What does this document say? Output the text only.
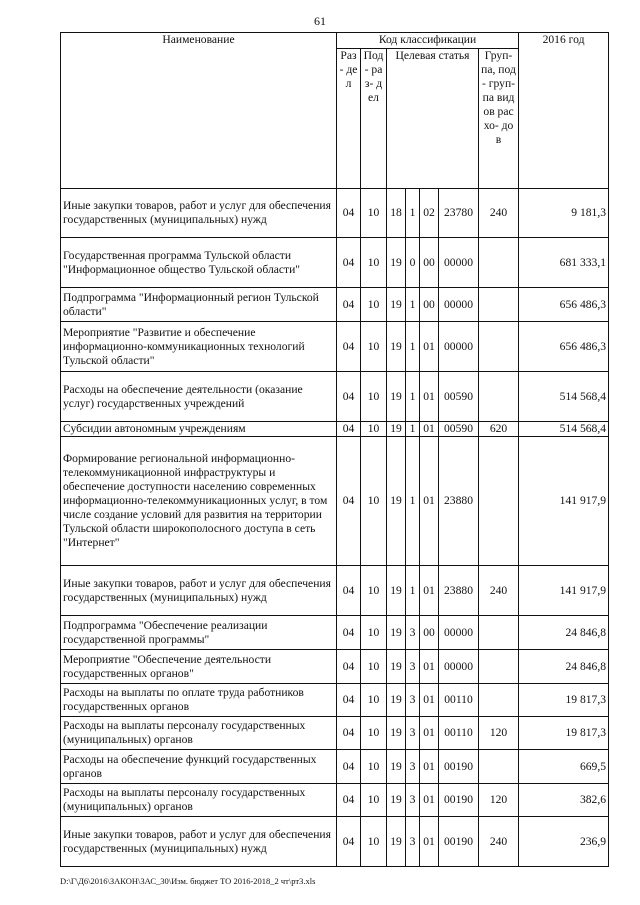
61
Наименование	Код классификации							2016 год
	Раз- дел	Под- раз- дел	Целевая статья				Груп- па, под- груп- па видов расхо- дов	
Иные закупки товаров, работ и услуг для обеспечения государственных (муниципальных) нужд	04	10	18	1	02	23780	240	9 181,3
Государственная программа Тульской области "Информационное общество Тульской области"	04	10	19	0	00	00000		681 333,1
Подпрограмма "Информационный регион Тульской области"	04	10	19	1	00	00000		656 486,3
Мероприятие "Развитие и обеспечение информационно-коммуникационных технологий Тульской области"	04	10	19	1	01	00000		656 486,3
Расходы на обеспечение деятельности (оказание услуг) государственных учреждений	04	10	19	1	01	00590		514 568,4
Субсидии автономным учреждениям	04	10	19	1	01	00590	620	514 568,4
Формирование региональной информационно-телекоммуникационной инфраструктуры и обеспечение доступности населению современных информационно-телекоммуникационных услуг, в том числе создание условий для развития на территории Тульской области широкополосного доступа в сеть "Интернет"	04	10	19	1	01	23880		141 917,9
Иные закупки товаров, работ и услуг для обеспечения государственных (муниципальных) нужд	04	10	19	1	01	23880	240	141 917,9
Подпрограмма "Обеспечение реализации государственной программы"	04	10	19	3	00	00000		24 846,8
Мероприятие "Обеспечение деятельности государственных органов"	04	10	19	3	01	00000		24 846,8
Расходы на выплаты по оплате труда работников государственных органов	04	10	19	3	01	00110		19 817,3
Расходы на выплаты персоналу государственных (муниципальных) органов	04	10	19	3	01	00110	120	19 817,3
Расходы на обеспечение функций государственных органов	04	10	19	3	01	00190		669,5
Расходы на выплаты персоналу государственных (муниципальных) органов	04	10	19	3	01	00190	120	382,6
Иные закупки товаров, работ и услуг для обеспечения государственных (муниципальных) нужд	04	10	19	3	01	00190	240	236,9
D:\Г\Д6\2016\ЗАКОН\ЗАС_30\Изм. бюджет ТО 2016-2018_2 чт\рт3.xls
